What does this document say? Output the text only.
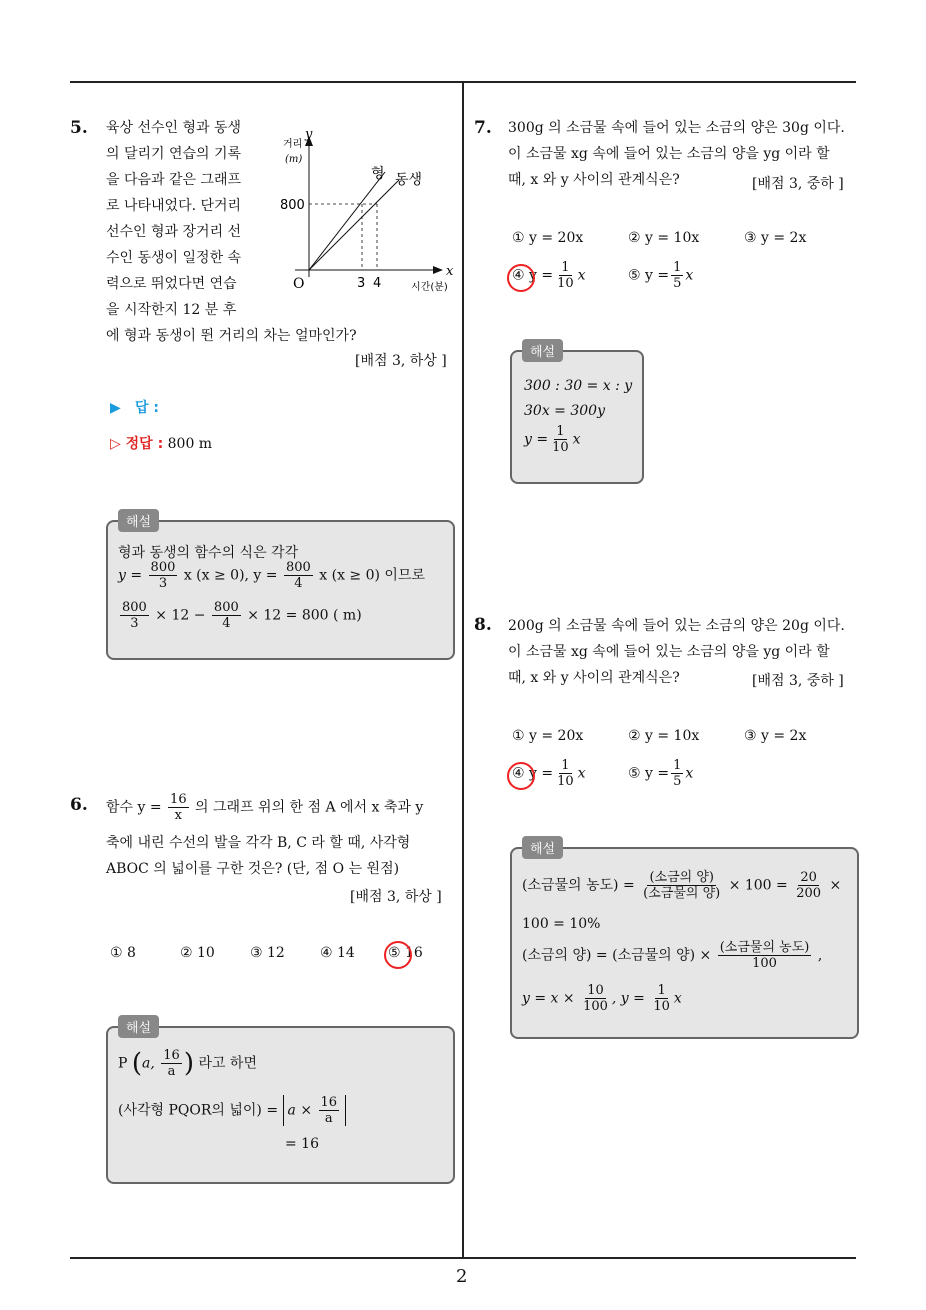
2
5. 육상 선수인 형과 동생
의 달리기 연습의 기록
을 다음과 같은 그래프
로 나타내었다. 단거리
선수인 형과 장거리 선
수인 동생이 일정한 속
력으로 뛰었다면 연습
을 시작한지 12 분 후
에 형과 동생이 뛴 거리의 차는 얼마인가?
[배점 3, 하상 ]
거리
(m)
y
x
800
O	3 4	시간(분)
형 동생
▶   답 :
▷ 정답 : 800 m
해설
형과 동생의 함수의 식은 각각
$y = \frac{800}{3}$ x (x ≥ 0), $y = \frac{800}{4}$ x (x ≥ 0) 이므로
$\frac{800}{3} \times 12 - \frac{800}{4} \times 12 = 800$ ( m)
6. 함수 $y = \frac{16}{x}$ 의 그래프 위의 한 점 A 에서 x 축과 y
축에 내린 수선의 발을 각각 B, C 라 할 때, 사각형
ABOC 의 넓이를 구한 것은? (단, 점 O 는 원점)
[배점 3, 하상 ]
① 8	② 10	③ 12	④ 14	⑤ 16
해설
P (a, $\frac{16}{a}$ ) 라고 하면
(사각형 PQOR의 넓이) = $a \times \frac{16}{a}$
= 16
7. 300g 의 소금물 속에 들어 있는 소금의 양은 30g 이다.
이 소금물 xg 속에 들어 있는 소금의 양을 yg 이라 할
때, x 와 y 사이의 관계식은?	[배점 3, 중하 ]
① y = 20x	② y = 10x	③ y = 2x
④ $y = \frac{1}{10}$ x	⑤ $y = \frac{1}{5}$ x
해설
300 : 30 = x : y
30x = 300y
$y = \frac{1}{10}$ x
8. 200g 의 소금물 속에 들어 있는 소금의 양은 20g 이다.
이 소금물 xg 속에 들어 있는 소금의 양을 yg 이라 할
때, x 와 y 사이의 관계식은?	[배점 3, 중하 ]
① y = 20x	② y = 10x	③ y = 2x
④ $y = \frac{1}{10}$ x	⑤ $y = \frac{1}{5}$ x
해설
(소금물의 농도) = $\frac{\text{(소금의 양)}}{\text{(소금물의 양)}} \times 100 = \frac{20}{200}$ ×
100 = 10%
(소금의 양) = (소금물의 양) × $\frac{\text{(소금물의 농도)}}{100}$ ,
$y = x \times \frac{10}{100}$ , $y = \frac{1}{10}$ x
